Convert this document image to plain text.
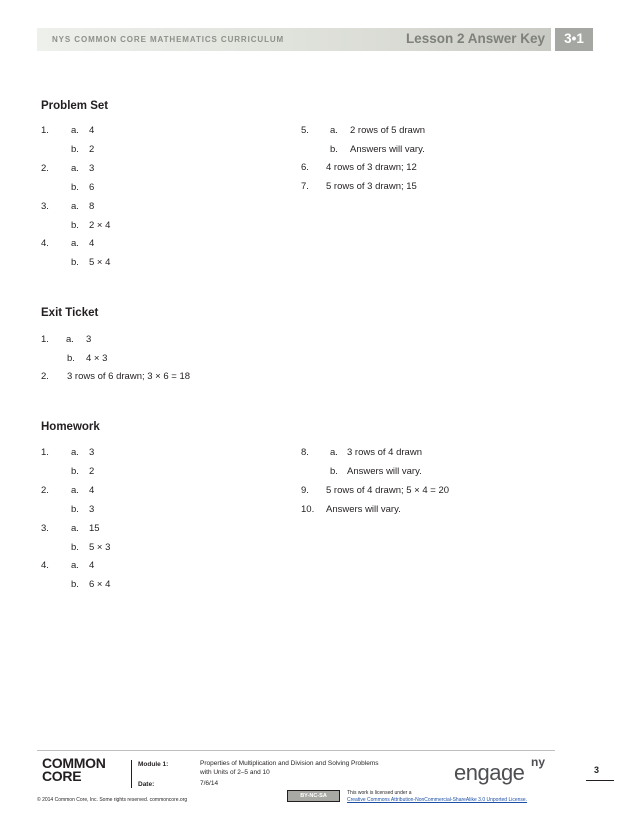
NYS COMMON CORE MATHEMATICS CURRICULUM	Lesson 2 Answer Key	3•1
Problem Set
1. a. 4
b. 2
2. a. 3
b. 6
3. a. 8
b. 2 × 4
4. a. 4
b. 5 × 4
5. a. 2 rows of 5 drawn
b. Answers will vary.
6. 4 rows of 3 drawn; 12
7. 5 rows of 3 drawn; 15
Exit Ticket
1. a. 3
b. 4 × 3
2. 3 rows of 6 drawn; 3 × 6 = 18
Homework
1. a. 3
b. 2
2. a. 4
b. 3
3. a. 15
b. 5 × 3
4. a. 4
b. 6 × 4
8. a. 3 rows of 4 drawn
b. Answers will vary.
9. 5 rows of 4 drawn; 5 × 4 = 20
10. Answers will vary.
COMMON
CORE
Module 1:	Properties of Multiplication and Division and Solving Problems
with Units of 2–5 and 10
Date:	7/6/14	engage ny
3
© 2014 Common Core, Inc. Some rights reserved. commoncore.org
BY-NC-SA	This work is licensed under a
Creative Commons Attribution-NonCommercial-ShareAlike 3.0 Unported License.
